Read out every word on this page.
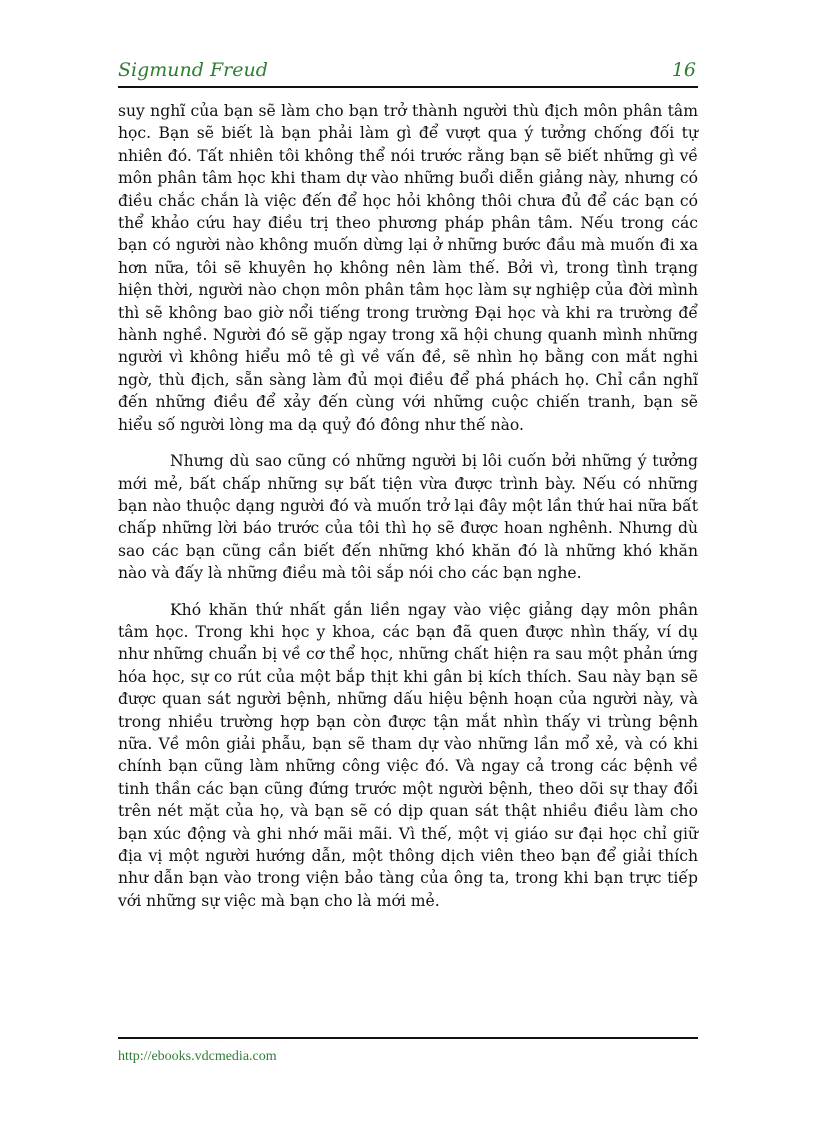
Sigmund Freud	16

suy nghĩ của bạn sẽ làm cho bạn trở thành người thù địch môn phân tâm học. Bạn sẽ biết là bạn phải làm gì để vượt qua ý tưởng chống đối tự nhiên đó. Tất nhiên tôi không thể nói trước rằng bạn sẽ biết những gì về môn phân tâm học khi tham dự vào những buổi diễn giảng này, nhưng có điều chắc chắn là việc đến để học hỏi không thôi chưa đủ để các bạn có thể khảo cứu hay điều trị theo phương pháp phân tâm. Nếu trong các bạn có người nào không muốn dừng lại ở những bước đầu mà muốn đi xa hơn nữa, tôi sẽ khuyên họ không nên làm thế. Bởi vì, trong tình trạng hiện thời, người nào chọn môn phân tâm học làm sự nghiệp của đời mình thì sẽ không bao giờ nổi tiếng trong trường Đại học và khi ra trường để hành nghề. Người đó sẽ gặp ngay trong xã hội chung quanh mình những người vì không hiểu mô tê gì về vấn đề, sẽ nhìn họ bằng con mắt nghi ngờ, thù địch, sẵn sàng làm đủ mọi điều để phá phách họ. Chỉ cần nghĩ đến những điều để xảy đến cùng với những cuộc chiến tranh, bạn sẽ hiểu số người lòng ma dạ quỷ đó đông như thế nào.

Nhưng dù sao cũng có những người bị lôi cuốn bởi những ý tưởng mới mẻ, bất chấp những sự bất tiện vừa được trình bày. Nếu có những bạn nào thuộc dạng người đó và muốn trở lại đây một lần thứ hai nữa bất chấp những lời báo trước của tôi thì họ sẽ được hoan nghênh. Nhưng dù sao các bạn cũng cần biết đến những khó khăn đó là những khó khăn nào và đấy là những điều mà tôi sắp nói cho các bạn nghe.

Khó khăn thứ nhất gắn liền ngay vào việc giảng dạy môn phân tâm học. Trong khi học y khoa, các bạn đã quen được nhìn thấy, ví dụ như những chuẩn bị về cơ thể học, những chất hiện ra sau một phản ứng hóa học, sự co rút của một bắp thịt khi gân bị kích thích. Sau này bạn sẽ được quan sát người bệnh, những dấu hiệu bệnh hoạn của người này, và trong nhiều trường hợp bạn còn được tận mắt nhìn thấy vi trùng bệnh nữa. Về môn giải phẫu, bạn sẽ tham dự vào những lần mổ xẻ, và có khi chính bạn cũng làm những công việc đó. Và ngay cả trong các bệnh về tinh thần các bạn cũng đứng trước một người bệnh, theo dõi sự thay đổi trên nét mặt của họ, và bạn sẽ có dịp quan sát thật nhiều điều làm cho bạn xúc động và ghi nhớ mãi mãi. Vì thế, một vị giáo sư đại học chỉ giữ địa vị một người hướng dẫn, một thông dịch viên theo bạn để giải thích như dẫn bạn vào trong viện bảo tàng của ông ta, trong khi bạn trực tiếp với những sự việc mà bạn cho là mới mẻ.

http://ebooks.vdcmedia.com
